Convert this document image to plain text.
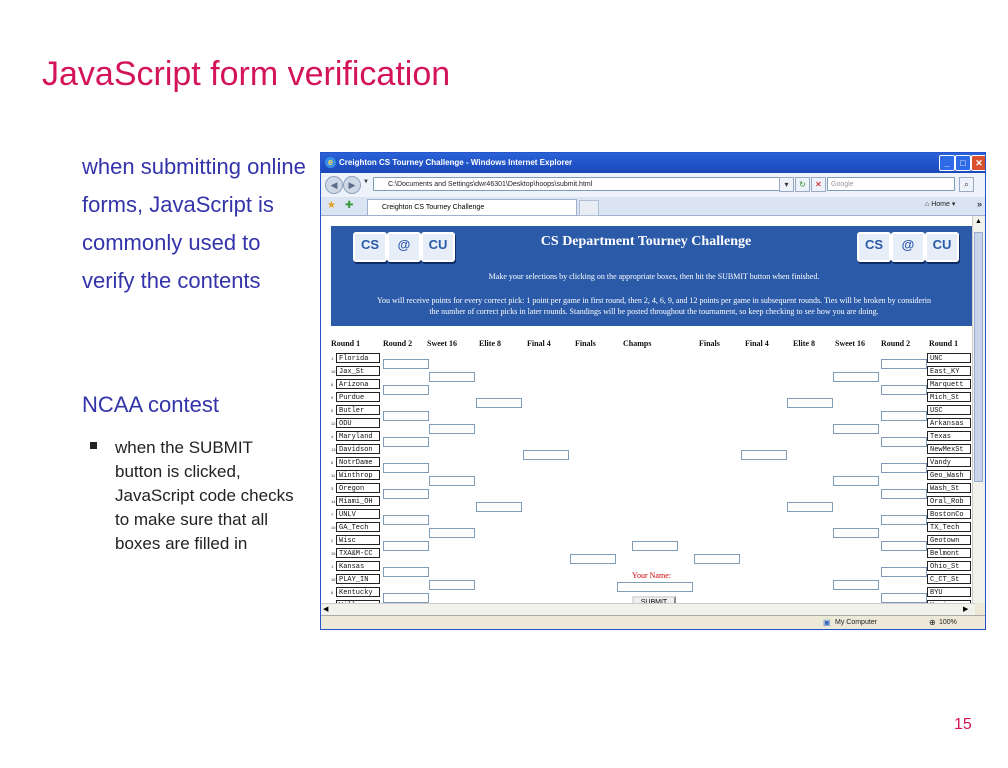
JavaScript form verification
when submitting online forms, JavaScript is commonly used to verify the contents
NCAA contest
when the SUBMIT button is clicked, JavaScript code checks to make sure that all boxes are filled in
15
e Creighton CS Tourney Challenge - Windows Internet Explorer	_	□	✕
◀	▶	▼	C:\Documents and Settings\dwr46301\Desktop\hoops\submit.html	▾	↻	✕	Google	⌕
★ ✚	Creighton CS Tourney Challenge	⌂ Home ▾ »
CS	@	CU	CS Department Tourney Challenge	CS	@	CU
Make your selections by clicking on the appropriate boxes, then hit the SUBMIT button when finished.
You will receive points for every correct pick: 1 point per game in first round, then 2, 4, 6, 9, and 12 points per game in subsequent rounds. Ties will be broken by considerin
the number of correct picks in later rounds. Standings will be posted throughout the tournament, so keep checking to see how you are doing.
Round 1	Round 2 Sweet 16	Elite 8	Final 4	Finals	Champs	Finals	Final 4	Elite 8	Sweet 16 Round 2 Round 1
1 Florida
16 Jax_St
8 Arizona
9 Purdue
5 Butler
12 ODU
4 Maryland
13 Davidson
6 NotrDame
11 Winthrop
3 Oregon
14 Miami_OH
7 UNLV
10 GA_Tech
2 Wisc
15 TXA&M-CC
1 Kansas
16 PLAY_IN
8 Kentucky
UNC
East_KY
Marquett
Mich_St
USC
Arkansas
Texas
NewMexSt
Vandy
Geo_Wash
Wash_St
Oral_Rob
BostonCo
TX_Tech
Geotown
Belmont
Ohio_St
C_CT_St
BYU
Your Name:
▲
◀	▶
▣ My Computer	⊕ 100%
